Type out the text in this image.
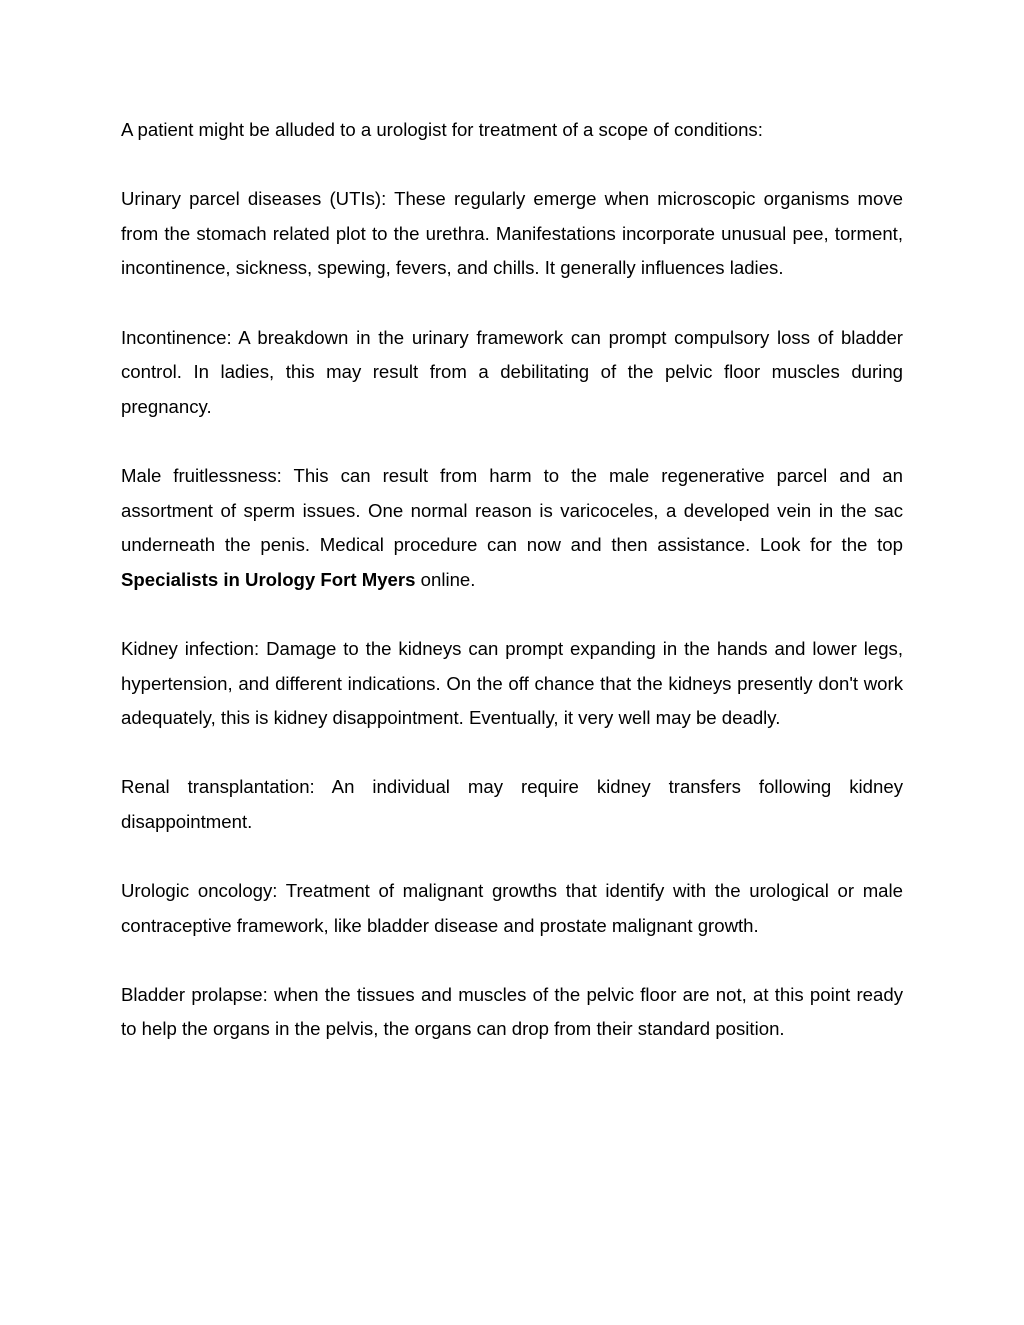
A patient might be alluded to a urologist for treatment of a scope of conditions:

Urinary parcel diseases (UTIs): These regularly emerge when microscopic organisms move from the stomach related plot to the urethra. Manifestations incorporate unusual pee, torment, incontinence, sickness, spewing, fevers, and chills. It generally influences ladies.

Incontinence: A breakdown in the urinary framework can prompt compulsory loss of bladder control. In ladies, this may result from a debilitating of the pelvic floor muscles during pregnancy.

Male fruitlessness: This can result from harm to the male regenerative parcel and an assortment of sperm issues. One normal reason is varicoceles, a developed vein in the sac underneath the penis. Medical procedure can now and then assistance. Look for the top Specialists in Urology Fort Myers online.

Kidney infection: Damage to the kidneys can prompt expanding in the hands and lower legs, hypertension, and different indications. On the off chance that the kidneys presently don't work adequately, this is kidney disappointment. Eventually, it very well may be deadly.

Renal transplantation: An individual may require kidney transfers following kidney disappointment.

Urologic oncology: Treatment of malignant growths that identify with the urological or male contraceptive framework, like bladder disease and prostate malignant growth.

Bladder prolapse: when the tissues and muscles of the pelvic floor are not, at this point ready to help the organs in the pelvis, the organs can drop from their standard position.
